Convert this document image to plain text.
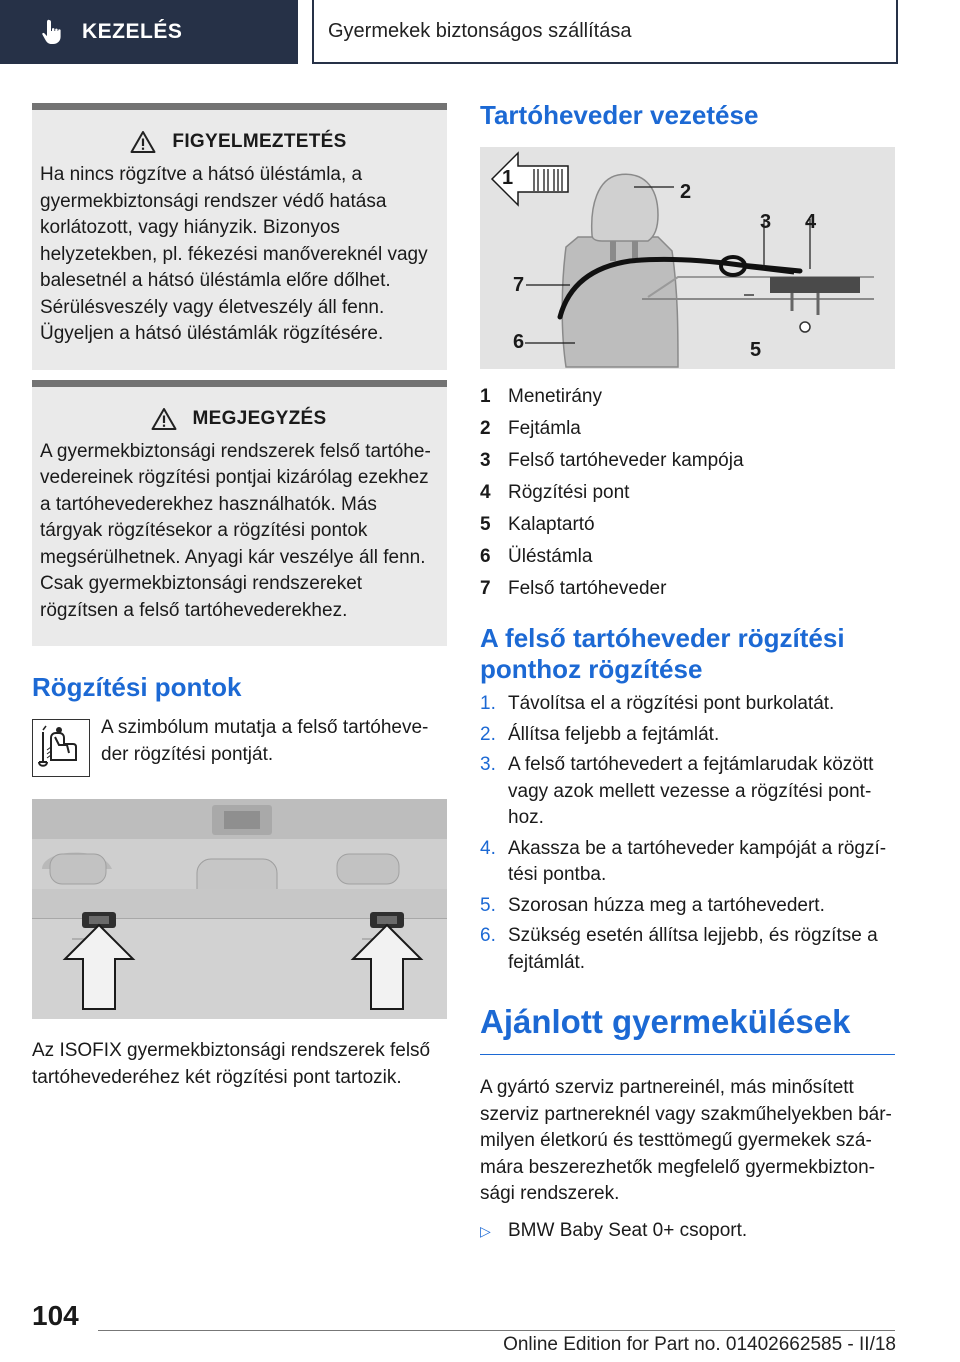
KEZELÉS	Gyermekek biztonságos szállítása
FIGYELMEZTETÉS
Ha nincs rögzítve a hátsó üléstámla, a gyermekbiztonsági rendszer védő hatása korlátozott, vagy hiányzik. Bizonyos helyzetekben, pl. fékezési manővereknél vagy balesetnél a hátsó üléstámla előre dőlhet. Sérülésveszély vagy életveszély áll fenn. Ügyeljen a hátsó üléstámlák rögzítésére.
MEGJEGYZÉS
A gyermekbiztonsági rendszerek felső tartóhevedereinek rögzítési pontjai kizárólag ezekhez a tartóhevederekhez használhatók. Más tárgyak rögzítésekor a rögzítési pontok megsérülhetnek. Anyagi kár veszélye áll fenn. Csak gyermekbiztonsági rendszereket rögzítsen a felső tartóhevederekhez.
Rögzítési pontok
A szimbólum mutatja a felső tartóheveder rögzítési pontját.
Az ISOFIX gyermekbiztonsági rendszerek felső tartóhevederéhez két rögzítési pont tartozik.
Tartóheveder vezetése
1
2
3 4
5
6
7
1 Menetirány
2 Fejtámla
3 Felső tartóheveder kampója
4 Rögzítési pont
5 Kalaptartó
6 Üléstámla
7 Felső tartóheveder
A felső tartóheveder rögzítési ponthoz rögzítése
1. Távolítsa el a rögzítési pont burkolatát.
2. Állítsa feljebb a fejtámlát.
3. A felső tartóhevedert a fejtámlarudak között vagy azok mellett vezesse a rögzítési ponthoz.
4. Akassza be a tartóheveder kampóját a rögzítési pontba.
5. Szorosan húzza meg a tartóhevedert.
6. Szükség esetén állítsa lejjebb, és rögzítse a fejtámlát.
Ajánlott gyermekülések
A gyártó szerviz partnereinél, más minősített szerviz partnereknél vagy szakműhelyekben bármilyen életkorú és testtömegű gyermekek számára beszerezhetők megfelelő gyermekbiztonsági rendszerek.
▷ BMW Baby Seat 0+ csoport.
104
Online Edition for Part no. 01402662585 - II/18
